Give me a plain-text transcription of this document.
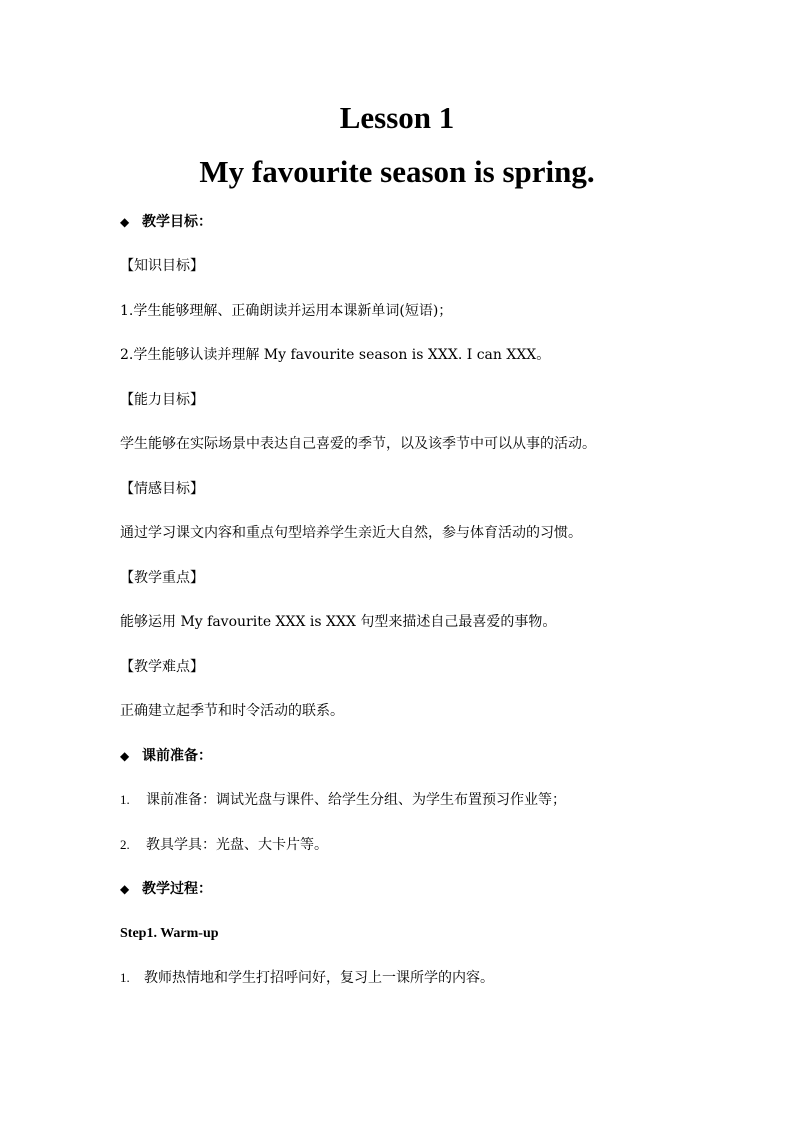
Lesson 1
My favourite season is spring.
◆ 教学目标：
【知识目标】
1.学生能够理解、正确朗读并运用本课新单词(短语)；
2.学生能够认读并理解 My favourite season is XXX. I can XXX。
【能力目标】
学生能够在实际场景中表达自己喜爱的季节，以及该季节中可以从事的活动。
【情感目标】
通过学习课文内容和重点句型培养学生亲近大自然，参与体育活动的习惯。
【教学重点】
能够运用 My favourite XXX is XXX 句型来描述自己最喜爱的事物。
【教学难点】
正确建立起季节和时令活动的联系。
◆ 课前准备：
1. 课前准备：调试光盘与课件、给学生分组、为学生布置预习作业等；
2. 教具学具：光盘、大卡片等。
◆ 教学过程：
Step1. Warm-up
1. 教师热情地和学生打招呼问好，复习上一课所学的内容。
